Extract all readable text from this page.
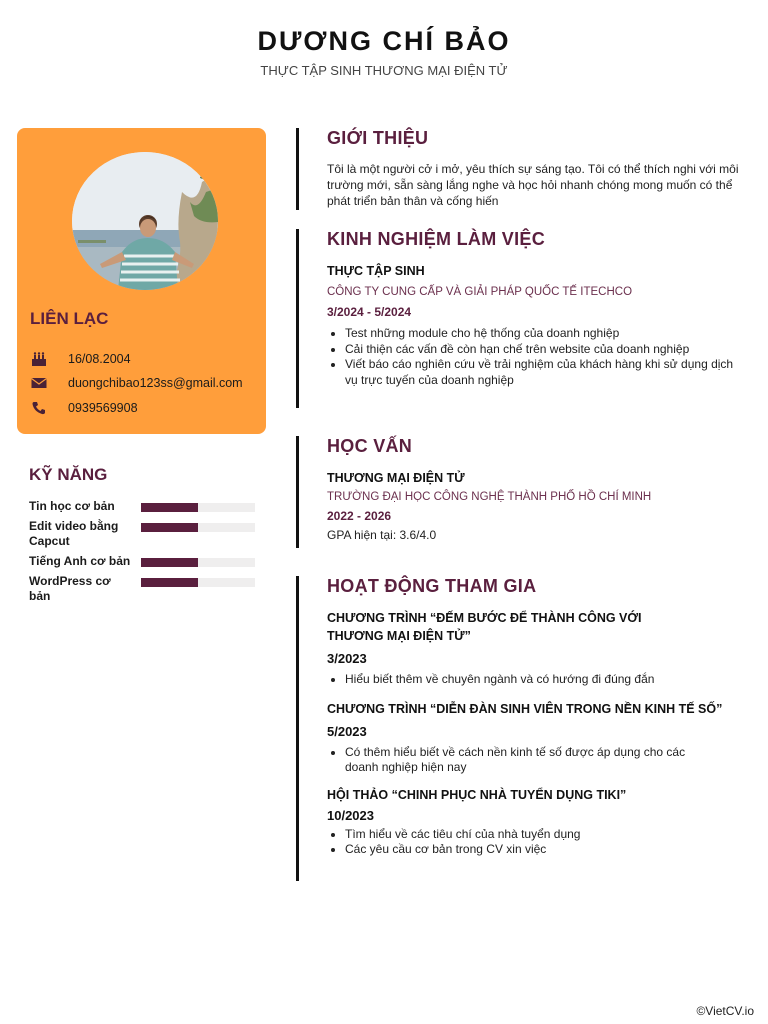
DƯƠNG CHÍ BẢO
THỰC TẬP SINH THƯƠNG MẠI ĐIỆN TỬ
LIÊN LẠC
16/08.2004
duongchibao123ss@gmail.com
0939569908
KỸ NĂNG
Tin học cơ bản
Edit video bằng Capcut
Tiếng Anh cơ bản
WordPress cơ bản
GIỚI THIỆU
Tôi là một người cở i mở, yêu thích sự sáng tạo. Tôi có thể thích nghi với môi trường mới, sẵn sàng lắng nghe và học hỏi nhanh chóng mong muốn có thể phát triển bản thân và cống hiến
KINH NGHIỆM LÀM VIỆC
THỰC TẬP SINH
CÔNG TY CUNG CẤP VÀ GIẢI PHÁP QUỐC TẾ ITECHCO
3/2024 - 5/2024
Test những module cho hệ thống của doanh nghiệp
Cải thiện các vấn đề còn hạn chế trên website của doanh nghiệp
Viết báo cáo nghiên cứu về trải nghiệm của khách hàng khi sử dụng dịch vụ trực tuyến của doanh nghiệp
HỌC VẤN
THƯƠNG MẠI ĐIỆN TỬ
TRƯỜNG ĐẠI HỌC CÔNG NGHỆ THÀNH PHỐ HỒ CHÍ MINH
2022 - 2026
GPA hiện tại: 3.6/4.0
HOẠT ĐỘNG THAM GIA
CHƯƠNG TRÌNH “ĐẾM BƯỚC ĐỂ THÀNH CÔNG VỚI THƯƠNG MẠI ĐIỆN TỬ”
3/2023
Hiểu biết thêm về chuyên ngành và có hướng đi đúng đắn
CHƯƠNG TRÌNH “DIỄN ĐÀN SINH VIÊN TRONG NỀN KINH TẾ SỐ”
5/2023
Có thêm hiểu biết về cách nền kinh tế số được áp dụng cho các doanh nghiệp hiện nay
HỘI THẢO “CHINH PHỤC NHÀ TUYỂN DỤNG TIKI”
10/2023
Tìm hiểu về các tiêu chí của nhà tuyển dụng
Các yêu cầu cơ bản trong CV xin việc
©VietCV.io
